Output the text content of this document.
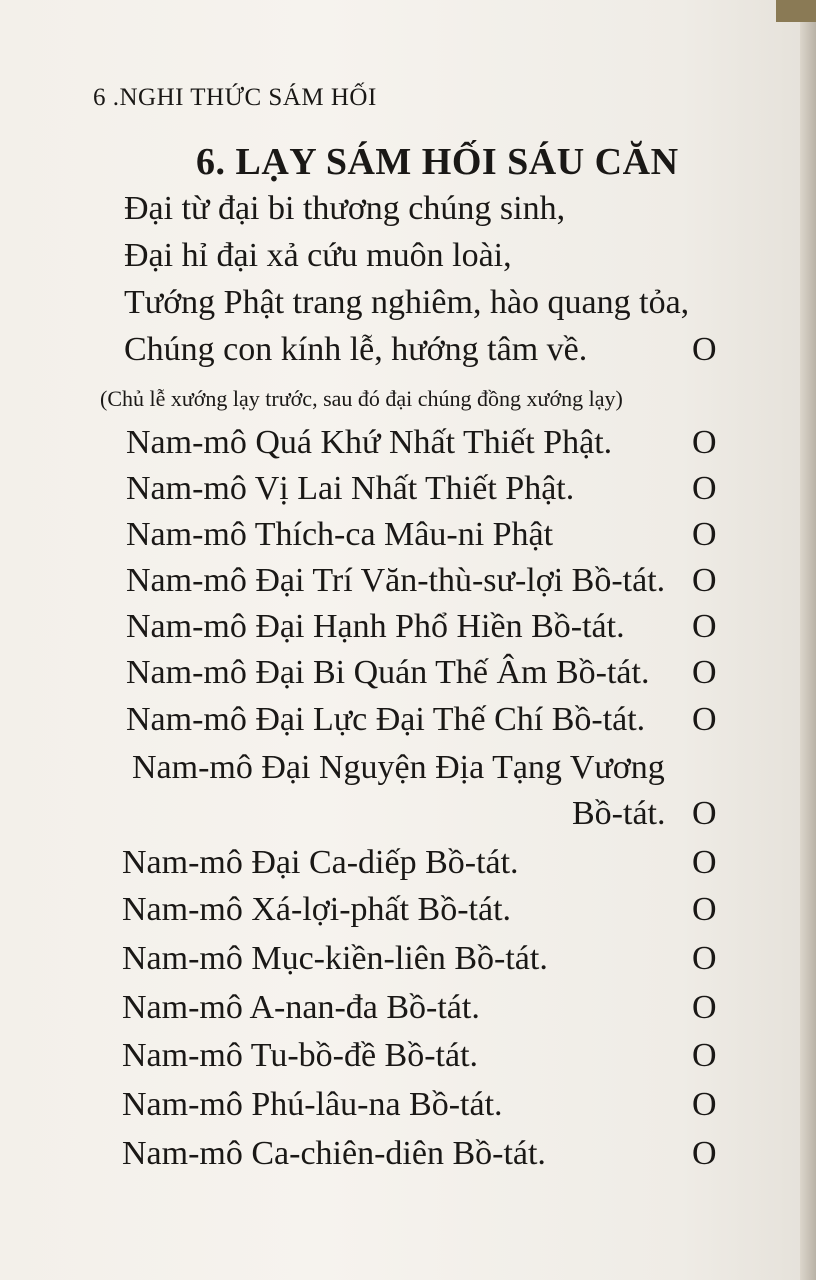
6 .NGHI THỨC SÁM HỐI
6. LẠY SÁM HỐI SÁU CĂN
Đại từ đại bi thương chúng sinh,
Đại hỉ đại xả cứu muôn loài,
Tướng Phật trang nghiêm, hào quang tỏa,
Chúng con kính lễ, hướng tâm về.	O
(Chủ lễ xướng lạy trước, sau đó đại chúng đồng xướng lạy)
Nam-mô Quá Khứ Nhất Thiết Phật. O
Nam-mô Vị Lai Nhất Thiết Phật.	O
Nam-mô Thích-ca Mâu-ni Phật	O
Nam-mô Đại Trí Văn-thù-sư-lợi Bồ-tát. O
Nam-mô Đại Hạnh Phổ Hiền Bồ-tát. O
Nam-mô Đại Bi Quán Thế Âm Bồ-tát. O
Nam-mô Đại Lực Đại Thế Chí Bồ-tát. O
Nam-mô Đại Nguyện Địa Tạng Vương
Bồ-tát. O
Nam-mô Đại Ca-diếp Bồ-tát.	O
Nam-mô Xá-lợi-phất Bồ-tát.	O
Nam-mô Mục-kiền-liên Bồ-tát.	O
Nam-mô A-nan-đa Bồ-tát.	O
Nam-mô Tu-bồ-đề Bồ-tát.	O
Nam-mô Phú-lâu-na Bồ-tát.	O
Nam-mô Ca-chiên-diên Bồ-tát.	O
